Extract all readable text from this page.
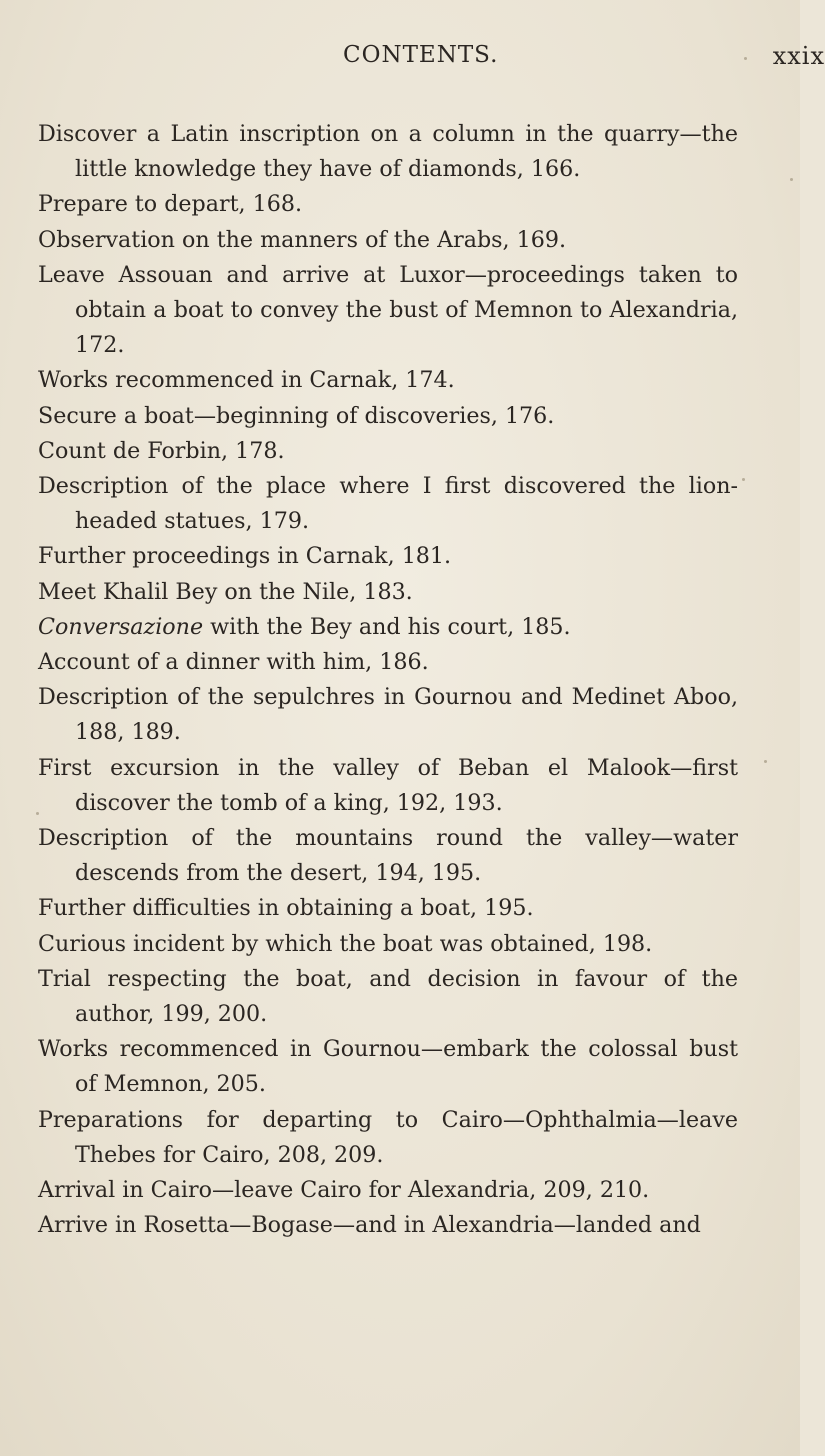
CONTENTS.	xxix
Discover a Latin inscription on a column in the quarry—the little knowledge they have of diamonds, 166.
Prepare to depart, 168.
Observation on the manners of the Arabs, 169.
Leave Assouan and arrive at Luxor—proceedings taken to obtain a boat to convey the bust of Memnon to Alexandria, 172.
Works recommenced in Carnak, 174.
Secure a boat—beginning of discoveries, 176.
Count de Forbin, 178.
Description of the place where I first discovered the lion-headed statues, 179.
Further proceedings in Carnak, 181.
Meet Khalil Bey on the Nile, 183.
Conversazione with the Bey and his court, 185.
Account of a dinner with him, 186.
Description of the sepulchres in Gournou and Medinet Aboo, 188, 189.
First excursion in the valley of Beban el Malook—first discover the tomb of a king, 192, 193.
Description of the mountains round the valley—water descends from the desert, 194, 195.
Further difficulties in obtaining a boat, 195.
Curious incident by which the boat was obtained, 198.
Trial respecting the boat, and decision in favour of the author, 199, 200.
Works recommenced in Gournou—embark the colossal bust of Memnon, 205.
Preparations for departing to Cairo—Ophthalmia—leave Thebes for Cairo, 208, 209.
Arrival in Cairo—leave Cairo for Alexandria, 209, 210.
Arrive in Rosetta—Bogase—and in Alexandria—landed and
